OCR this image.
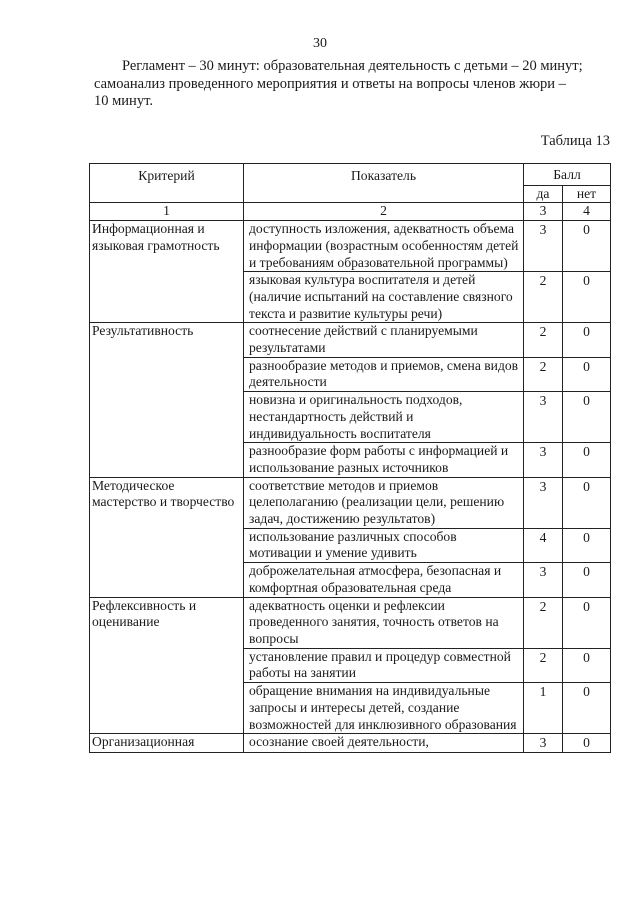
30
Регламент – 30 минут: образовательная деятельность с детьми – 20 минут;
самоанализ проведенного мероприятия и ответы на вопросы членов жюри –
10 минут.
Таблица 13
Критерий	Показатель	Балл	
		да	нет
1	2	3	4
Информационная и языковая грамотность	доступность изложения, адекватность объема информации (возрастным особенностям детей и требованиям образовательной программы)	3	0
	языковая культура воспитателя и детей (наличие испытаний на составление связного текста и развитие культуры речи)	2	0
Результативность	соотнесение действий с планируемыми результатами	2	0
	разнообразие методов и приемов, смена видов деятельности	2	0
	новизна и оригинальность подходов, нестандартность действий и индивидуальность воспитателя	3	0
	разнообразие форм работы с информацией и использование разных источников	3	0
Методическое мастерство и творчество	соответствие методов и приемов целеполаганию (реализации цели, решению задач, достижению результатов)	3	0
	использование различных способов мотивации и умение удивить	4	0
	доброжелательная атмосфера, безопасная и комфортная образовательная среда	3	0
Рефлексивность и оценивание	адекватность оценки и рефлексии проведенного занятия, точность ответов на вопросы	2	0
	установление правил и процедур совместной работы на занятии	2	0
	обращение внимания на индивидуальные запросы и интересы детей, создание возможностей для инклюзивного образования	1	0
Организационная	осознание своей деятельности,	3	0
